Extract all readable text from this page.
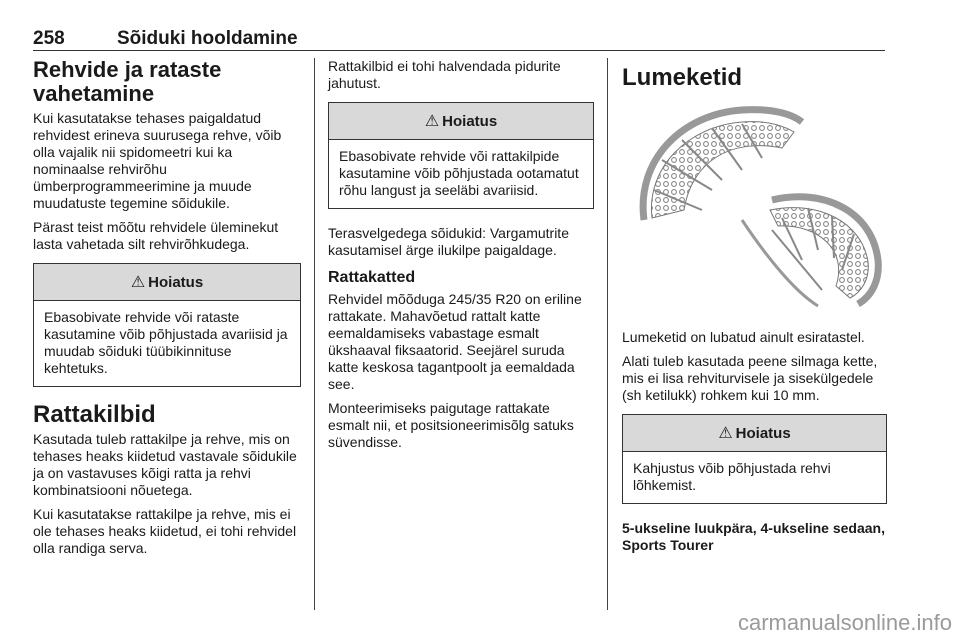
258	Sõiduki hooldamine
Rehvide ja rataste vahetamine

Kui kasutatakse tehases paigaldatud rehvidest erineva suurusega rehve, võib olla vajalik nii spidomeetri kui ka nominaalse rehvirõhu ümberprogrammeerimine ja muude muudatuste tegemine sõidukile.

Pärast teist mõõtu rehvidele üleminekut lasta vahetada silt rehvirõhkudega.

⚠ Hoiatus
Ebasobivate rehvide või rataste kasutamine võib põhjustada avariisid ja muudab sõiduki tüübikinnituse kehtetuks.
Rattakilbid

Kasutada tuleb rattakilpe ja rehve, mis on tehases heaks kiidetud vastavale sõidukile ja on vastavuses kõigi ratta ja rehvi kombinatsiooni nõuetega.

Kui kasutatakse rattakilpe ja rehve, mis ei ole tehases heaks kiidetud, ei tohi rehvidel olla randiga serva.

Rattakilbid ei tohi halvendada pidurite jahutust.

⚠ Hoiatus
Ebasobivate rehvide või rattakilpide kasutamine võib põhjustada ootamatut rõhu langust ja seeläbi avariisid.

Terasvelgedega sõidukid: Vargamutrite kasutamisel ärge ilukilpe paigaldage.

Rattakatted

Rehvidel mõõduga 245/35 R20 on eriline rattakate. Mahavõetud rattalt katte eemaldamiseks vabastage esmalt ükshaaval fiksaatorid. Seejärel suruda katte keskosa tagantpoolt ja eemaldada see.

Monteerimiseks paigutage rattakate esmalt nii, et positsioneerimisõlg satuks süvendisse.

Lumeketid

Lumeketid on lubatud ainult esiratastel.

Alati tuleb kasutada peene silmaga kette, mis ei lisa rehviturvisele ja sisekülgedele (sh ketilukk) rohkem kui 10 mm.

⚠ Hoiatus
Kahjustus võib põhjustada rehvi lõhkemist.
5-ukseline luukpära, 4-ukseline sedaan, Sports Tourer
carmanualsonline.info
